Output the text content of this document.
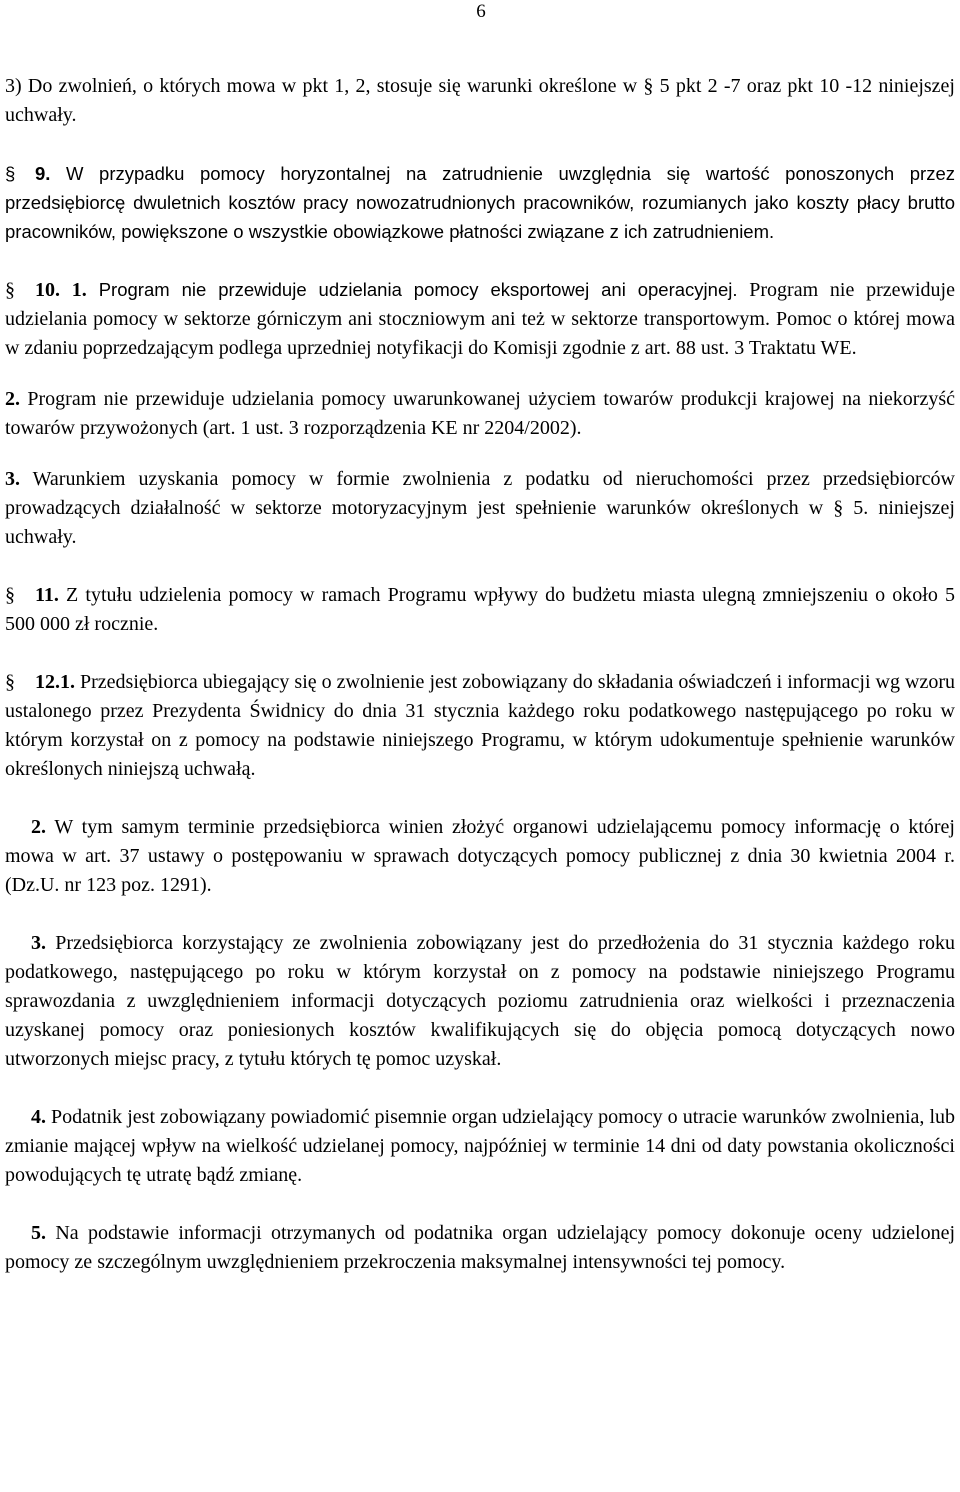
6

3) Do zwolnień, o których mowa w pkt 1, 2, stosuje się warunki określone w § 5 pkt 2 -7 oraz pkt 10 -12 niniejszej uchwały.

§ 9. W przypadku pomocy horyzontalnej na zatrudnienie uwzględnia się wartość ponoszonych przez przedsiębiorcę dwuletnich kosztów pracy nowozatrudnionych pracowników, rozumianych jako koszty płacy brutto pracowników, powiększone o wszystkie obowiązkowe płatności związane z ich zatrudnieniem.

§ 10. 1. Program nie przewiduje udzielania pomocy eksportowej ani operacyjnej. Program nie przewiduje udzielania pomocy w sektorze górniczym ani stoczniowym ani też w sektorze transportowym. Pomoc o której mowa w zdaniu poprzedzającym podlega uprzedniej notyfikacji do Komisji zgodnie z art. 88 ust. 3 Traktatu WE.

2. Program nie przewiduje udzielania pomocy uwarunkowanej użyciem towarów produkcji krajowej na niekorzyść towarów przywożonych (art. 1 ust. 3 rozporządzenia KE nr 2204/2002).

3. Warunkiem uzyskania pomocy w formie zwolnienia z podatku od nieruchomości przez przedsiębiorców prowadzących działalność w sektorze motoryzacyjnym jest spełnienie warunków określonych w § 5. niniejszej uchwały.

§ 11. Z tytułu udzielenia pomocy w ramach Programu wpływy do budżetu miasta ulegną zmniejszeniu o około 5 500 000 zł rocznie.

§ 12.1. Przedsiębiorca ubiegający się o zwolnienie jest zobowiązany do składania oświadczeń i informacji wg wzoru ustalonego przez Prezydenta Świdnicy do dnia 31 stycznia każdego roku podatkowego następującego po roku w którym korzystał on z pomocy na podstawie niniejszego Programu, w którym udokumentuje spełnienie warunków określonych niniejszą uchwałą.

2. W tym samym terminie przedsiębiorca winien złożyć organowi udzielającemu pomocy informację o której mowa w art. 37 ustawy o postępowaniu w sprawach dotyczących pomocy publicznej z dnia 30 kwietnia 2004 r. (Dz.U. nr 123 poz. 1291).

3. Przedsiębiorca korzystający ze zwolnienia zobowiązany jest do przedłożenia do 31 stycznia każdego roku podatkowego, następującego po roku w którym korzystał on z pomocy na podstawie niniejszego Programu sprawozdania z uwzględnieniem informacji dotyczących poziomu zatrudnienia oraz wielkości i przeznaczenia uzyskanej pomocy oraz poniesionych kosztów kwalifikujących się do objęcia pomocą dotyczących nowo utworzonych miejsc pracy, z tytułu których tę pomoc uzyskał.

4. Podatnik jest zobowiązany powiadomić pisemnie organ udzielający pomocy o utracie warunków zwolnienia, lub zmianie mającej wpływ na wielkość udzielanej pomocy, najpóźniej w terminie 14 dni od daty powstania okoliczności powodujących tę utratę bądź zmianę.

5. Na podstawie informacji otrzymanych od podatnika organ udzielający pomocy dokonuje oceny udzielonej pomocy ze szczególnym uwzględnieniem przekroczenia maksymalnej intensywności tej pomocy.
